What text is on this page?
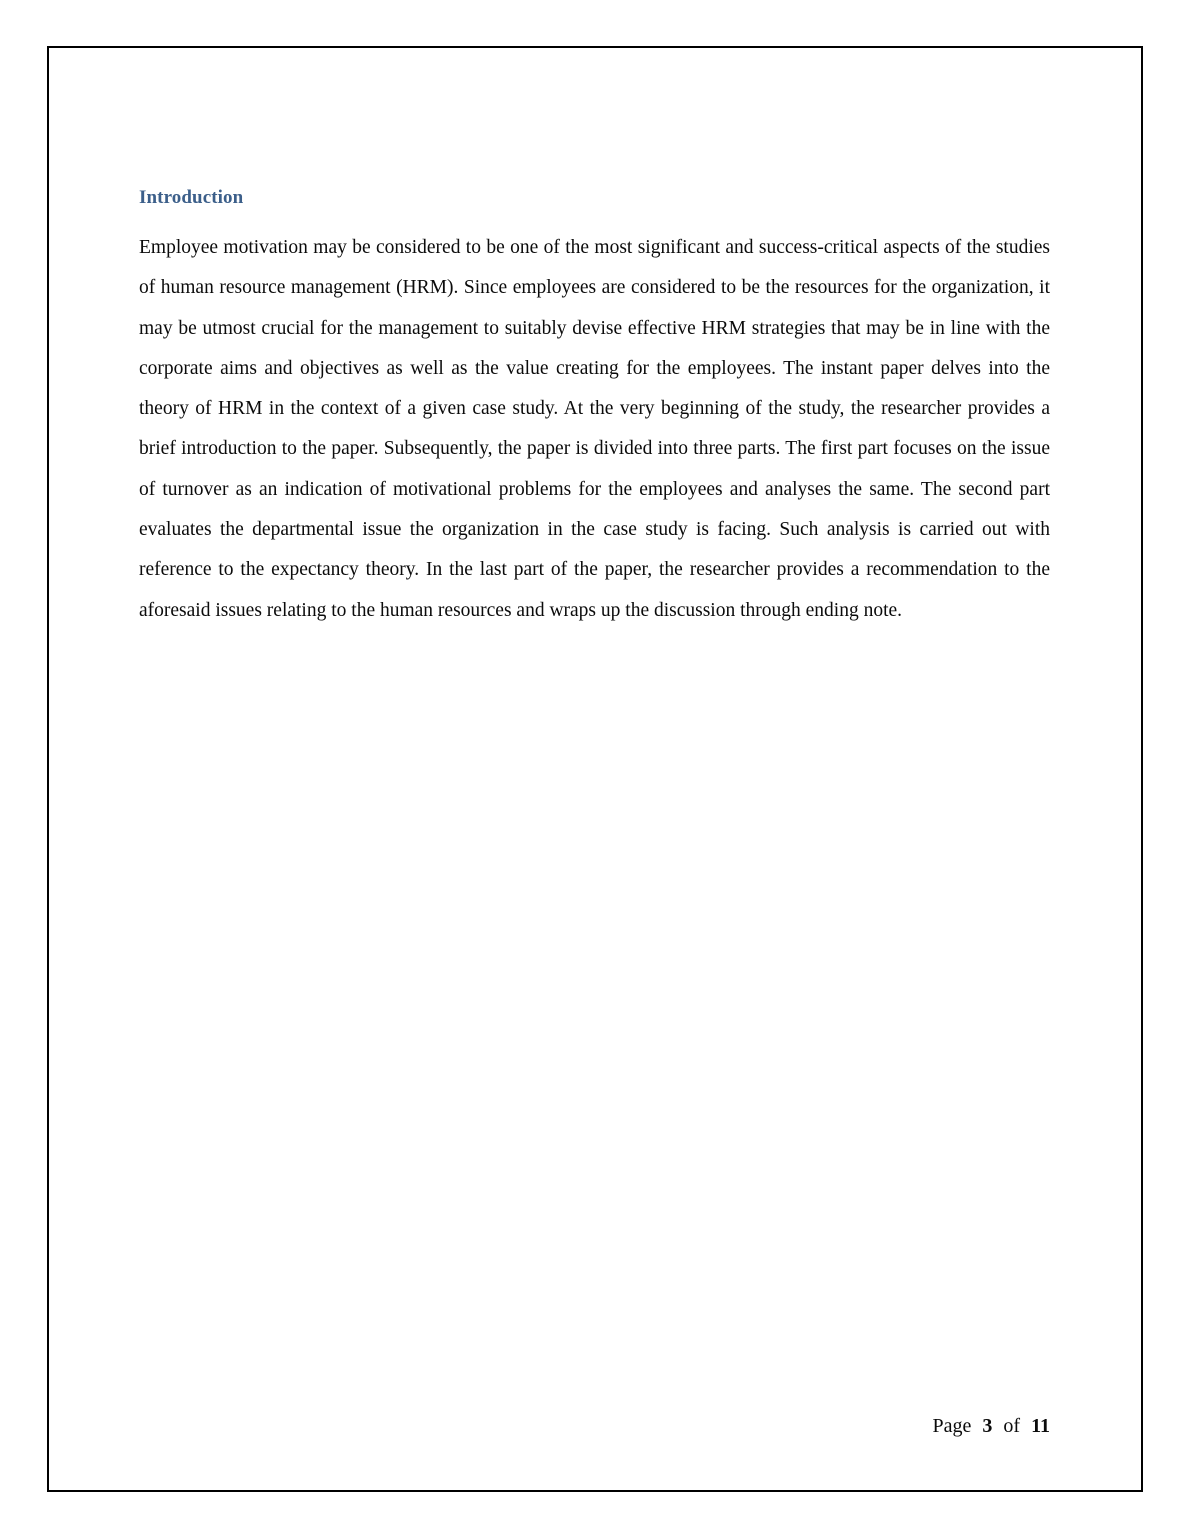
Introduction

Employee motivation may be considered to be one of the most significant and success-critical aspects of the studies of human resource management (HRM). Since employees are considered to be the resources for the organization, it may be utmost crucial for the management to suitably devise effective HRM strategies that may be in line with the corporate aims and objectives as well as the value creating for the employees. The instant paper delves into the theory of HRM in the context of a given case study. At the very beginning of the study, the researcher provides a brief introduction to the paper. Subsequently, the paper is divided into three parts. The first part focuses on the issue of turnover as an indication of motivational problems for the employees and analyses the same. The second part evaluates the departmental issue the organization in the case study is facing. Such analysis is carried out with reference to the expectancy theory. In the last part of the paper, the researcher provides a recommendation to the aforesaid issues relating to the human resources and wraps up the discussion through ending note.

Page 3 of 11
